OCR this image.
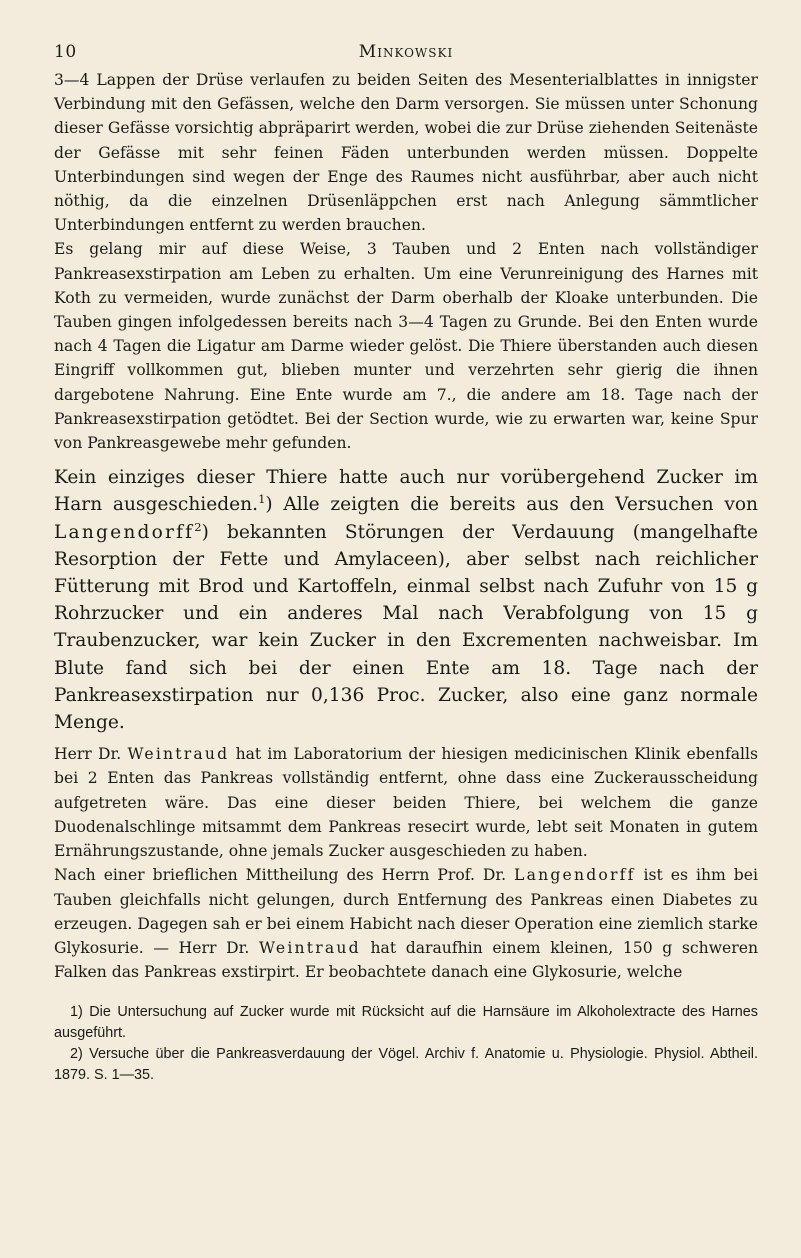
10	Minkowski

3—4 Lappen der Drüse verlaufen zu beiden Seiten des Mesenterialblattes in innigster Verbindung mit den Gefässen, welche den Darm versorgen. Sie müssen unter Schonung dieser Gefässe vorsichtig abpräparirt werden, wobei die zur Drüse ziehenden Seitenäste der Gefässe mit sehr feinen Fäden unterbunden werden müssen. Doppelte Unterbindungen sind wegen der Enge des Raumes nicht ausführbar, aber auch nicht nöthig, da die einzelnen Drüsenläppchen erst nach Anlegung sämmtlicher Unterbindungen entfernt zu werden brauchen.

Es gelang mir auf diese Weise, 3 Tauben und 2 Enten nach vollständiger Pankreasexstirpation am Leben zu erhalten. Um eine Verunreinigung des Harnes mit Koth zu vermeiden, wurde zunächst der Darm oberhalb der Kloake unterbunden. Die Tauben gingen infolgedessen bereits nach 3—4 Tagen zu Grunde. Bei den Enten wurde nach 4 Tagen die Ligatur am Darme wieder gelöst. Die Thiere überstanden auch diesen Eingriff vollkommen gut, blieben munter und verzehrten sehr gierig die ihnen dargebotene Nahrung. Eine Ente wurde am 7., die andere am 18. Tage nach der Pankreasexstirpation getödtet. Bei der Section wurde, wie zu erwarten war, keine Spur von Pankreasgewebe mehr gefunden.

Kein einziges dieser Thiere hatte auch nur vorübergehend Zucker im Harn ausgeschieden.$^1$) Alle zeigten die bereits aus den Versuchen von Langendorff$^2$) bekannten Störungen der Verdauung (mangelhafte Resorption der Fette und Amylaceen), aber selbst nach reichlicher Fütterung mit Brod und Kartoffeln, einmal selbst nach Zufuhr von 15 g Rohrzucker und ein anderes Mal nach Verabfolgung von 15 g Traubenzucker, war kein Zucker in den Excrementen nachweisbar. Im Blute fand sich bei der einen Ente am 18. Tage nach der Pankreasexstirpation nur 0,136 Proc. Zucker, also eine ganz normale Menge.

Herr Dr. Weintraud hat im Laboratorium der hiesigen medicinischen Klinik ebenfalls bei 2 Enten das Pankreas vollständig entfernt, ohne dass eine Zuckerausscheidung aufgetreten wäre. Das eine dieser beiden Thiere, bei welchem die ganze Duodenalschlinge mitsammt dem Pankreas resecirt wurde, lebt seit Monaten in gutem Ernährungszustande, ohne jemals Zucker ausgeschieden zu haben.

Nach einer brieflichen Mittheilung des Herrn Prof. Dr. Langendorff ist es ihm bei Tauben gleichfalls nicht gelungen, durch Entfernung des Pankreas einen Diabetes zu erzeugen. Dagegen sah er bei einem Habicht nach dieser Operation eine ziemlich starke Glykosurie. — Herr Dr. Weintraud hat daraufhin einem kleinen, 150 g schweren Falken das Pankreas exstirpirt. Er beobachtete danach eine Glykosurie, welche

1) Die Untersuchung auf Zucker wurde mit Rücksicht auf die Harnsäure im Alkoholextracte des Harnes ausgeführt.

2) Versuche über die Pankreasverdauung der Vögel. Archiv f. Anatomie u. Physiologie. Physiol. Abtheil. 1879. S. 1—35.
